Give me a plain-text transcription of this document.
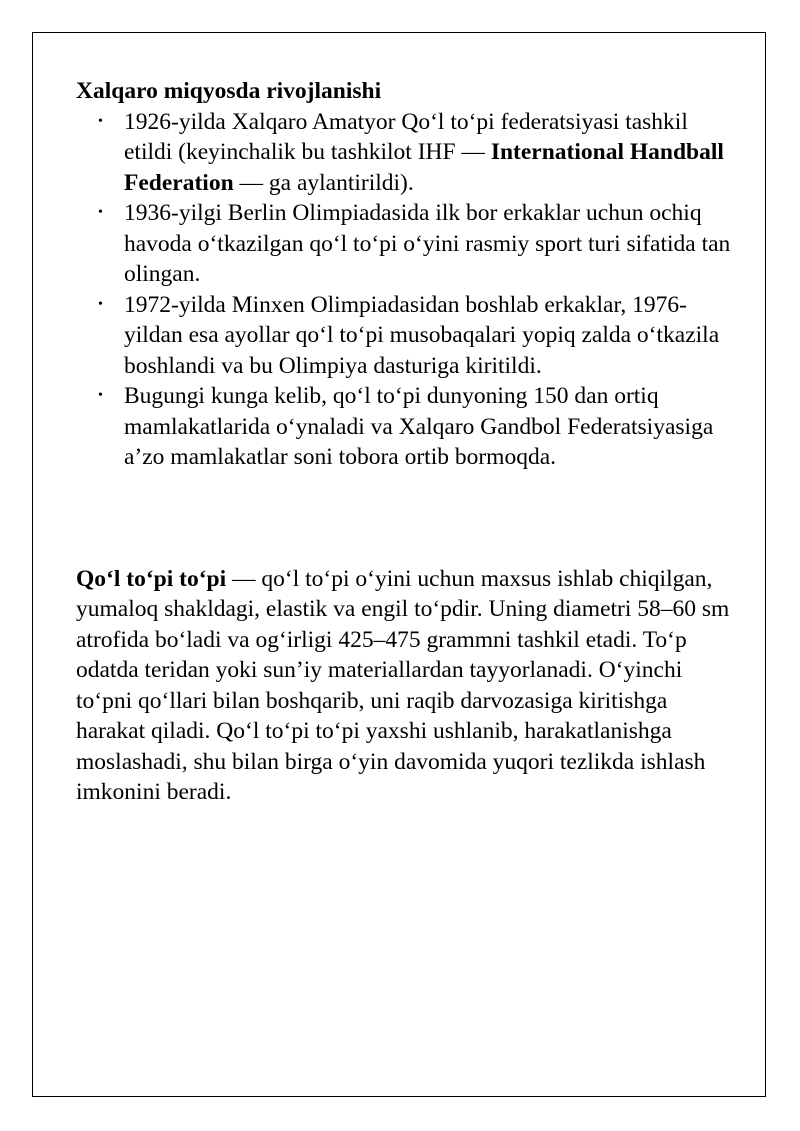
Xalqaro miqyosda rivojlanishi
• 1926-yilda Xalqaro Amatyor Qo‘l to‘pi federatsiyasi tashkil etildi (keyinchalik bu tashkilot IHF — International Handball Federation — ga aylantirildi).
• 1936-yilgi Berlin Olimpiadasida ilk bor erkaklar uchun ochiq havoda o‘tkazilgan qo‘l to‘pi o‘yini rasmiy sport turi sifatida tan olingan.
• 1972-yilda Minxen Olimpiadasidan boshlab erkaklar, 1976-yildan esa ayollar qo‘l to‘pi musobaqalari yopiq zalda o‘tkazila boshlandi va bu Olimpiya dasturiga kiritildi.
• Bugungi kunga kelib, qo‘l to‘pi dunyoning 150 dan ortiq mamlakatlarida o‘ynaladi va Xalqaro Gandbol Federatsiyasiga a’zo mamlakatlar soni tobora ortib bormoqda.

Qo‘l to‘pi to‘pi — qo‘l to‘pi o‘yini uchun maxsus ishlab chiqilgan, yumaloq shakldagi, elastik va engil to‘pdir. Uning diametri 58–60 sm atrofida bo‘ladi va og‘irligi 425–475 grammni tashkil etadi. To‘p odatda teridan yoki sun’iy materiallardan tayyorlanadi. O‘yinchi to‘pni qo‘llari bilan boshqarib, uni raqib darvozasiga kiritishga harakat qiladi. Qo‘l to‘pi to‘pi yaxshi ushlanib, harakatlanishga moslashadi, shu bilan birga o‘yin davomida yuqori tezlikda ishlash imkonini beradi.
